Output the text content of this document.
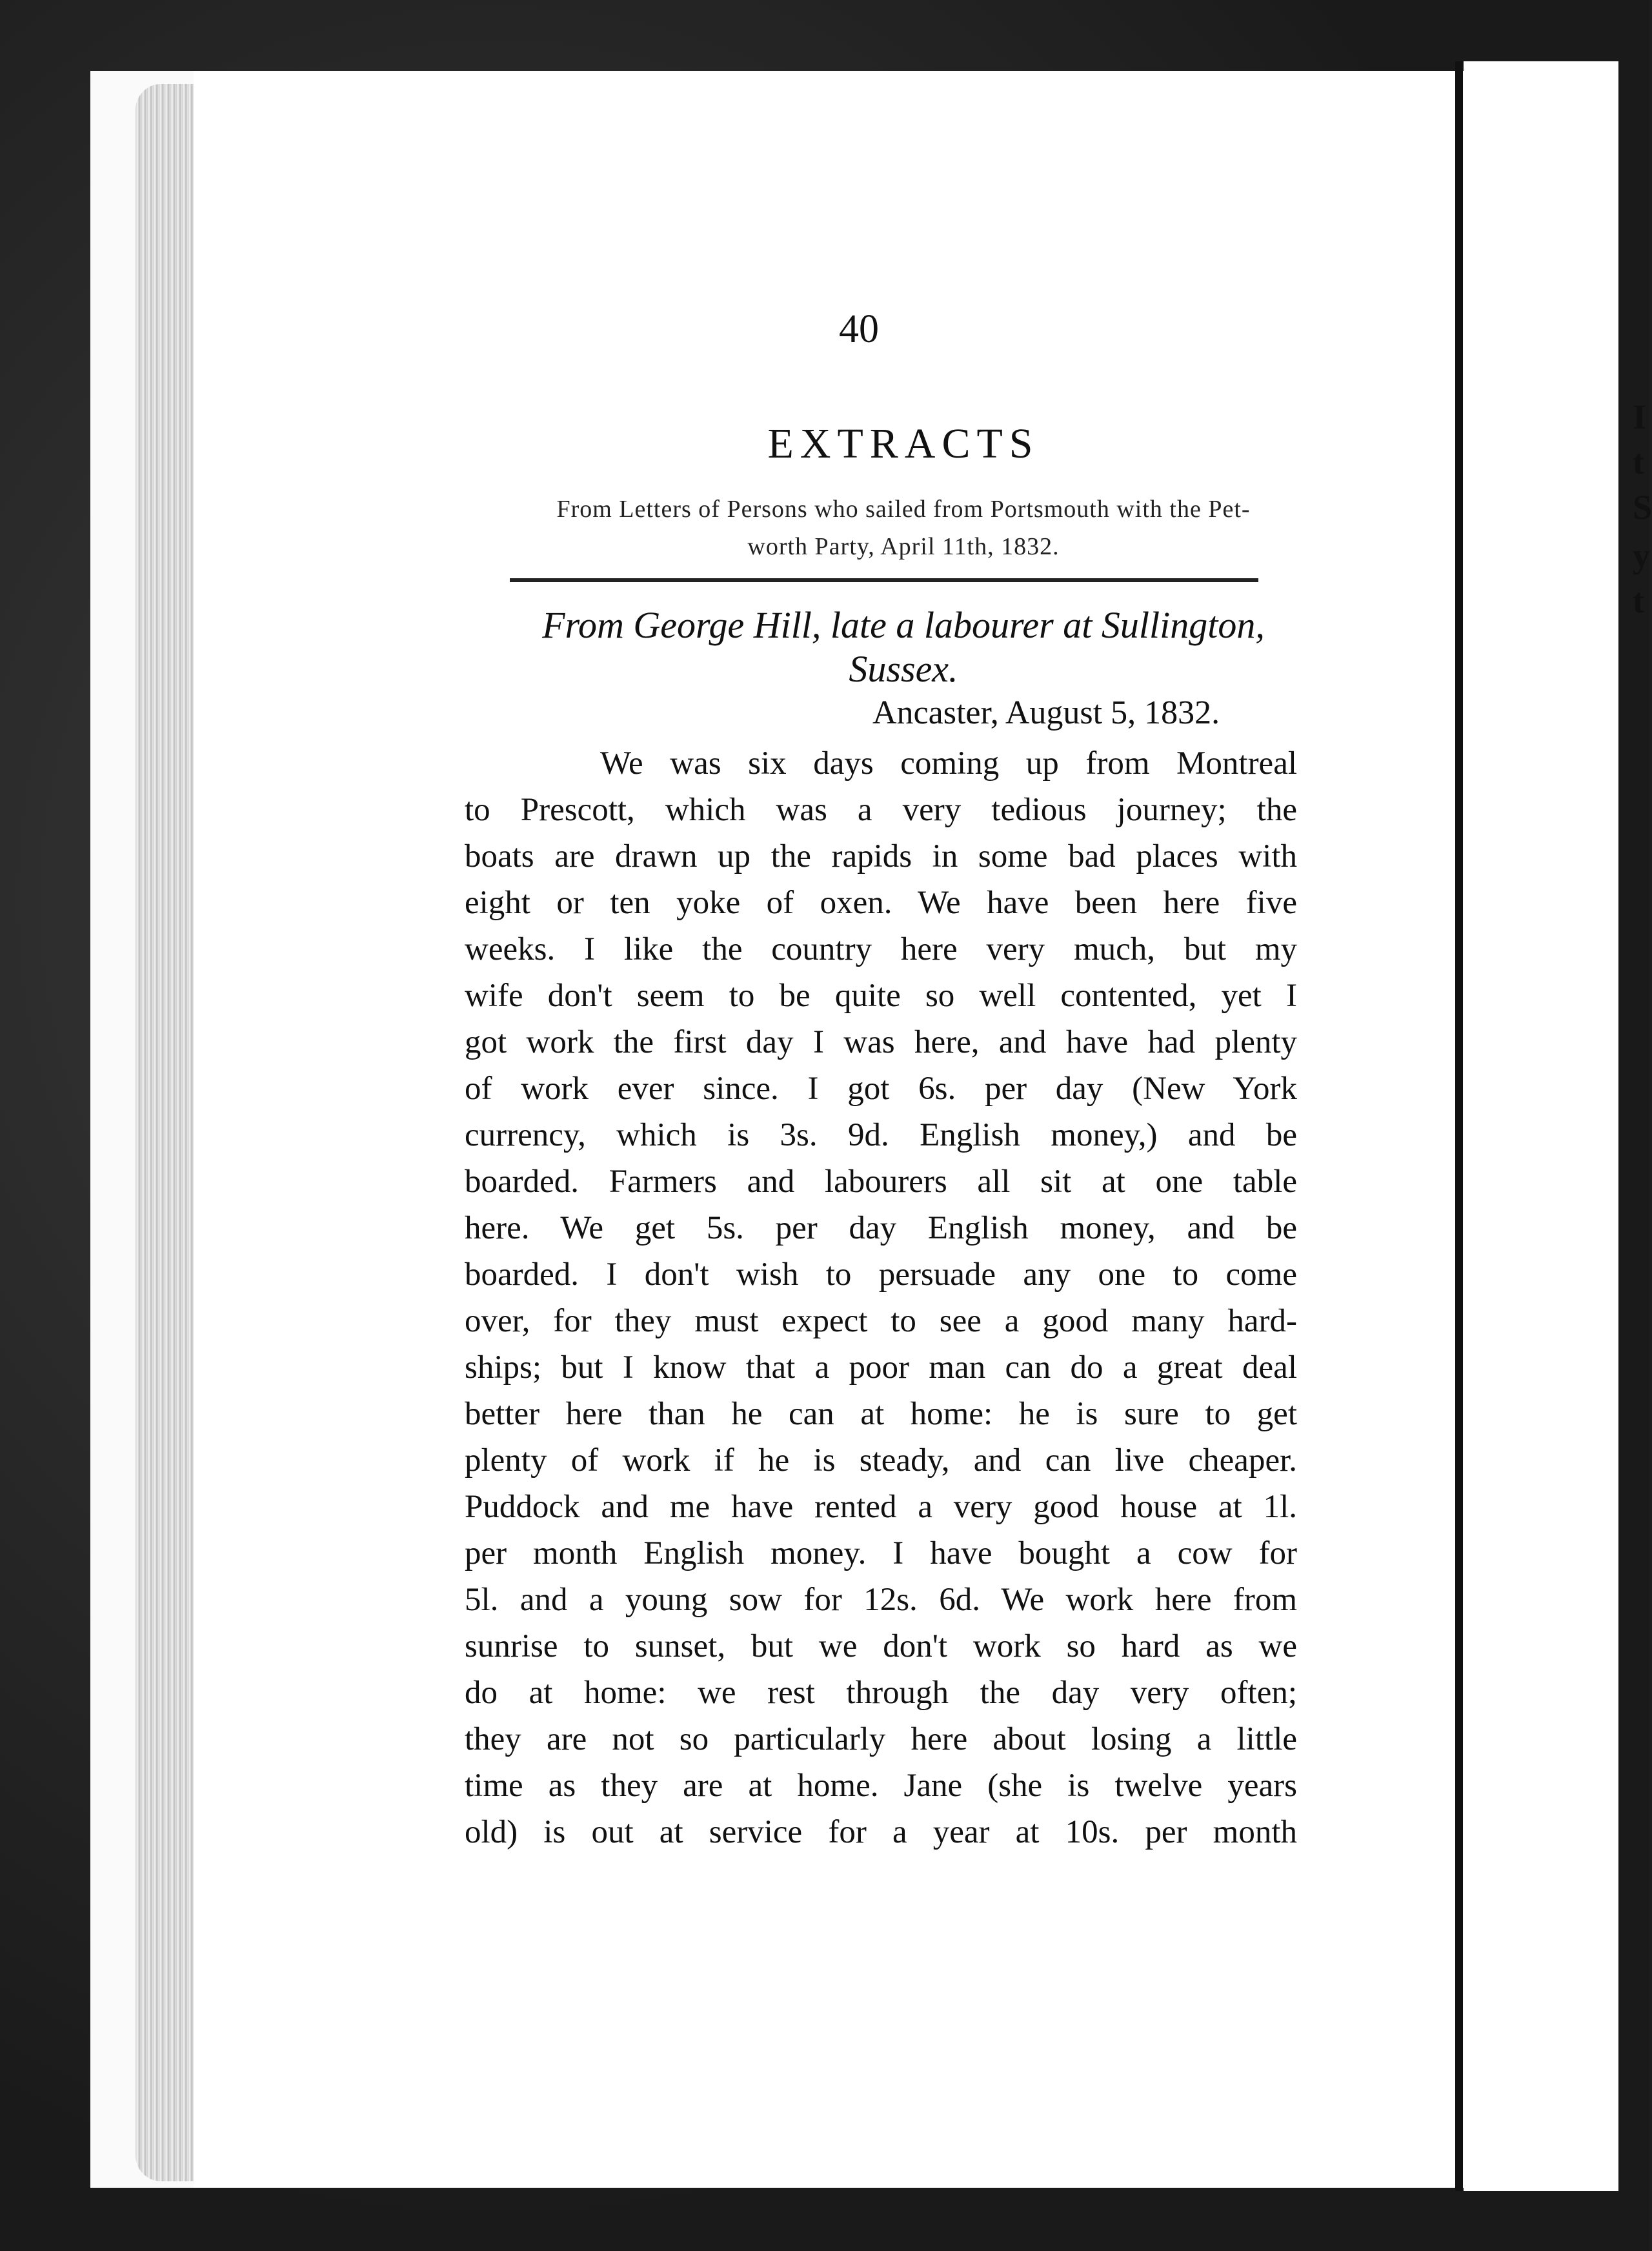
I
t
S
y
t
40
EXTRACTS
From Letters of Persons who sailed from Portsmouth with the Pet-
worth Party, April 11th, 1832.
From George Hill, late a labourer at Sullington,
Sussex.
Ancaster, August 5, 1832.
We was six days coming up from Montreal
to Prescott, which was a very tedious journey; the
boats are drawn up the rapids in some bad places with
eight or ten yoke of oxen. We have been here five
weeks. I like the country here very much, but my
wife don't seem to be quite so well contented, yet I
got work the first day I was here, and have had plenty
of work ever since. I got 6s. per day (New York
currency, which is 3s. 9d. English money,) and be
boarded. Farmers and labourers all sit at one table
here. We get 5s. per day English money, and be
boarded. I don't wish to persuade any one to come
over, for they must expect to see a good many hard-
ships; but I know that a poor man can do a great deal
better here than he can at home: he is sure to get
plenty of work if he is steady, and can live cheaper.
Puddock and me have rented a very good house at 1l.
per month English money. I have bought a cow for
5l. and a young sow for 12s. 6d. We work here from
sunrise to sunset, but we don't work so hard as we
do at home: we rest through the day very often;
they are not so particularly here about losing a little
time as they are at home. Jane (she is twelve years
old) is out at service for a year at 10s. per month
